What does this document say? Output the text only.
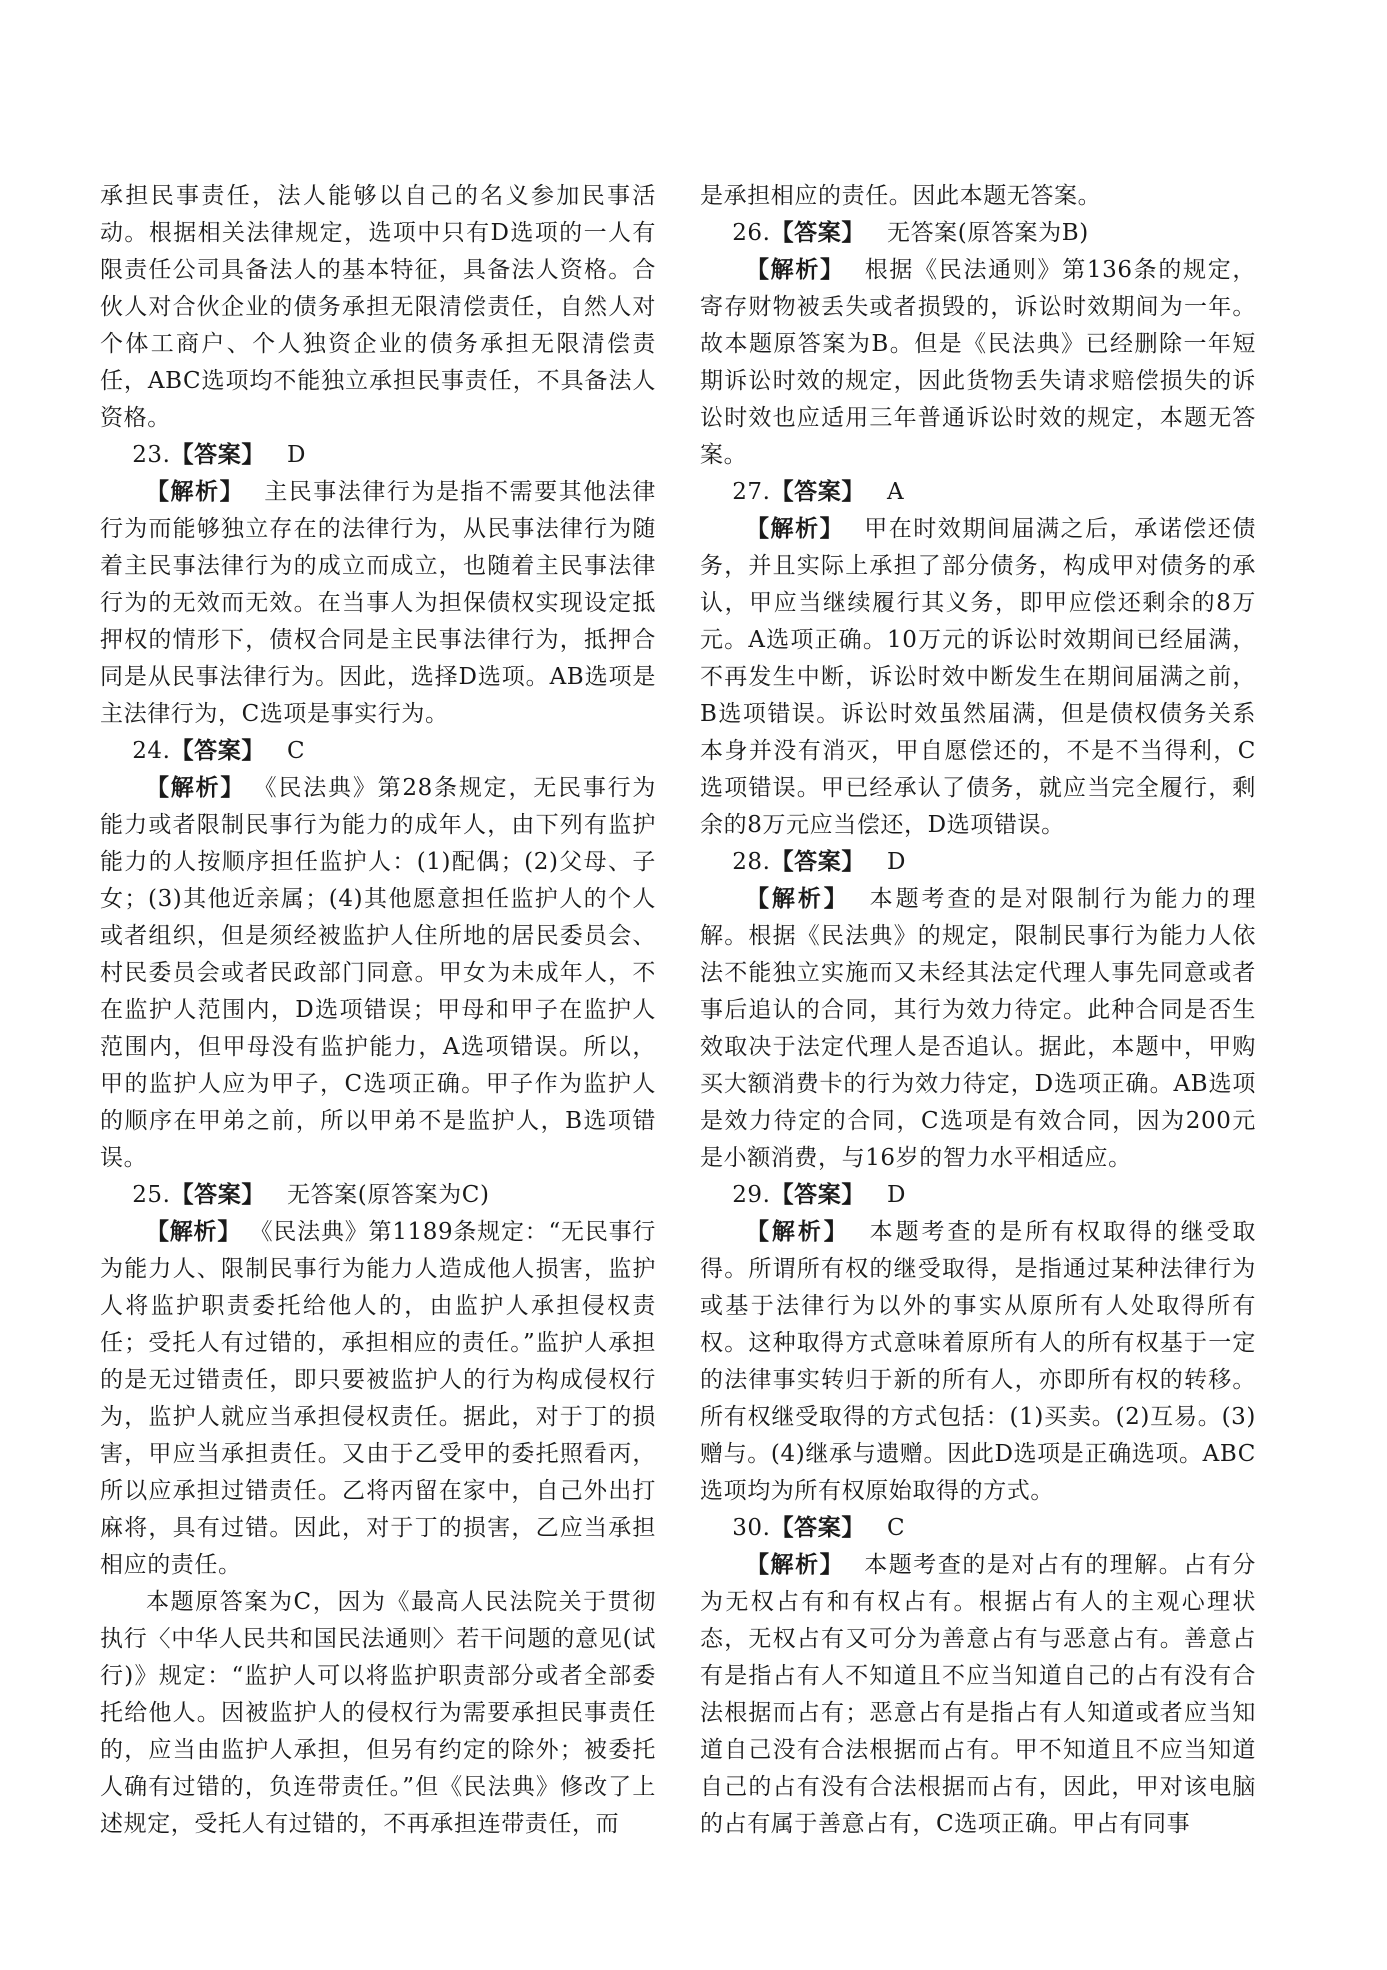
承担民事责任，法人能够以自己的名义参加民事活动。根据相关法律规定，选项中只有D选项的一人有限责任公司具备法人的基本特征，具备法人资格。合伙人对合伙企业的债务承担无限清偿责任，自然人对个体工商户、个人独资企业的债务承担无限清偿责任，ABC选项均不能独立承担民事责任，不具备法人资格。

23.【答案】 D

【解析】 主民事法律行为是指不需要其他法律行为而能够独立存在的法律行为，从民事法律行为随着主民事法律行为的成立而成立，也随着主民事法律行为的无效而无效。在当事人为担保债权实现设定抵押权的情形下，债权合同是主民事法律行为，抵押合同是从民事法律行为。因此，选择D选项。AB选项是主法律行为，C选项是事实行为。

24.【答案】 C

【解析】 《民法典》第28条规定，无民事行为能力或者限制民事行为能力的成年人，由下列有监护能力的人按顺序担任监护人：(1)配偶；(2)父母、子女；(3)其他近亲属；(4)其他愿意担任监护人的个人或者组织，但是须经被监护人住所地的居民委员会、村民委员会或者民政部门同意。甲女为未成年人，不在监护人范围内，D选项错误；甲母和甲子在监护人范围内，但甲母没有监护能力，A选项错误。所以，甲的监护人应为甲子，C选项正确。甲子作为监护人的顺序在甲弟之前，所以甲弟不是监护人，B选项错误。

25.【答案】 无答案(原答案为C)

【解析】 《民法典》第1189条规定：“无民事行为能力人、限制民事行为能力人造成他人损害，监护人将监护职责委托给他人的，由监护人承担侵权责任；受托人有过错的，承担相应的责任。”监护人承担的是无过错责任，即只要被监护人的行为构成侵权行为，监护人就应当承担侵权责任。据此，对于丁的损害，甲应当承担责任。又由于乙受甲的委托照看丙，所以应承担过错责任。乙将丙留在家中，自己外出打麻将，具有过错。因此，对于丁的损害，乙应当承担相应的责任。

本题原答案为C，因为《最高人民法院关于贯彻执行〈中华人民共和国民法通则〉若干问题的意见(试行)》规定：“监护人可以将监护职责部分或者全部委托给他人。因被监护人的侵权行为需要承担民事责任的，应当由监护人承担，但另有约定的除外；被委托人确有过错的，负连带责任。”但《民法典》修改了上述规定，受托人有过错的，不再承担连带责任，而

是承担相应的责任。因此本题无答案。

26.【答案】 无答案(原答案为B)

【解析】 根据《民法通则》第136条的规定，寄存财物被丢失或者损毁的，诉讼时效期间为一年。故本题原答案为B。但是《民法典》已经删除一年短期诉讼时效的规定，因此货物丢失请求赔偿损失的诉讼时效也应适用三年普通诉讼时效的规定，本题无答案。

27.【答案】 A

【解析】 甲在时效期间届满之后，承诺偿还债务，并且实际上承担了部分债务，构成甲对债务的承认，甲应当继续履行其义务，即甲应偿还剩余的8万元。A选项正确。10万元的诉讼时效期间已经届满，不再发生中断，诉讼时效中断发生在期间届满之前，B选项错误。诉讼时效虽然届满，但是债权债务关系本身并没有消灭，甲自愿偿还的，不是不当得利，C选项错误。甲已经承认了债务，就应当完全履行，剩余的8万元应当偿还，D选项错误。

28.【答案】 D

【解析】 本题考查的是对限制行为能力的理解。根据《民法典》的规定，限制民事行为能力人依法不能独立实施而又未经其法定代理人事先同意或者事后追认的合同，其行为效力待定。此种合同是否生效取决于法定代理人是否追认。据此，本题中，甲购买大额消费卡的行为效力待定，D选项正确。AB选项是效力待定的合同，C选项是有效合同，因为200元是小额消费，与16岁的智力水平相适应。

29.【答案】 D

【解析】 本题考查的是所有权取得的继受取得。所谓所有权的继受取得，是指通过某种法律行为或基于法律行为以外的事实从原所有人处取得所有权。这种取得方式意味着原所有人的所有权基于一定的法律事实转归于新的所有人，亦即所有权的转移。所有权继受取得的方式包括：(1)买卖。(2)互易。(3)赠与。(4)继承与遗赠。因此D选项是正确选项。ABC选项均为所有权原始取得的方式。

30.【答案】 C

【解析】 本题考查的是对占有的理解。占有分为无权占有和有权占有。根据占有人的主观心理状态，无权占有又可分为善意占有与恶意占有。善意占有是指占有人不知道且不应当知道自己的占有没有合法根据而占有；恶意占有是指占有人知道或者应当知道自己没有合法根据而占有。甲不知道且不应当知道自己的占有没有合法根据而占有，因此，甲对该电脑的占有属于善意占有，C选项正确。甲占有同事
